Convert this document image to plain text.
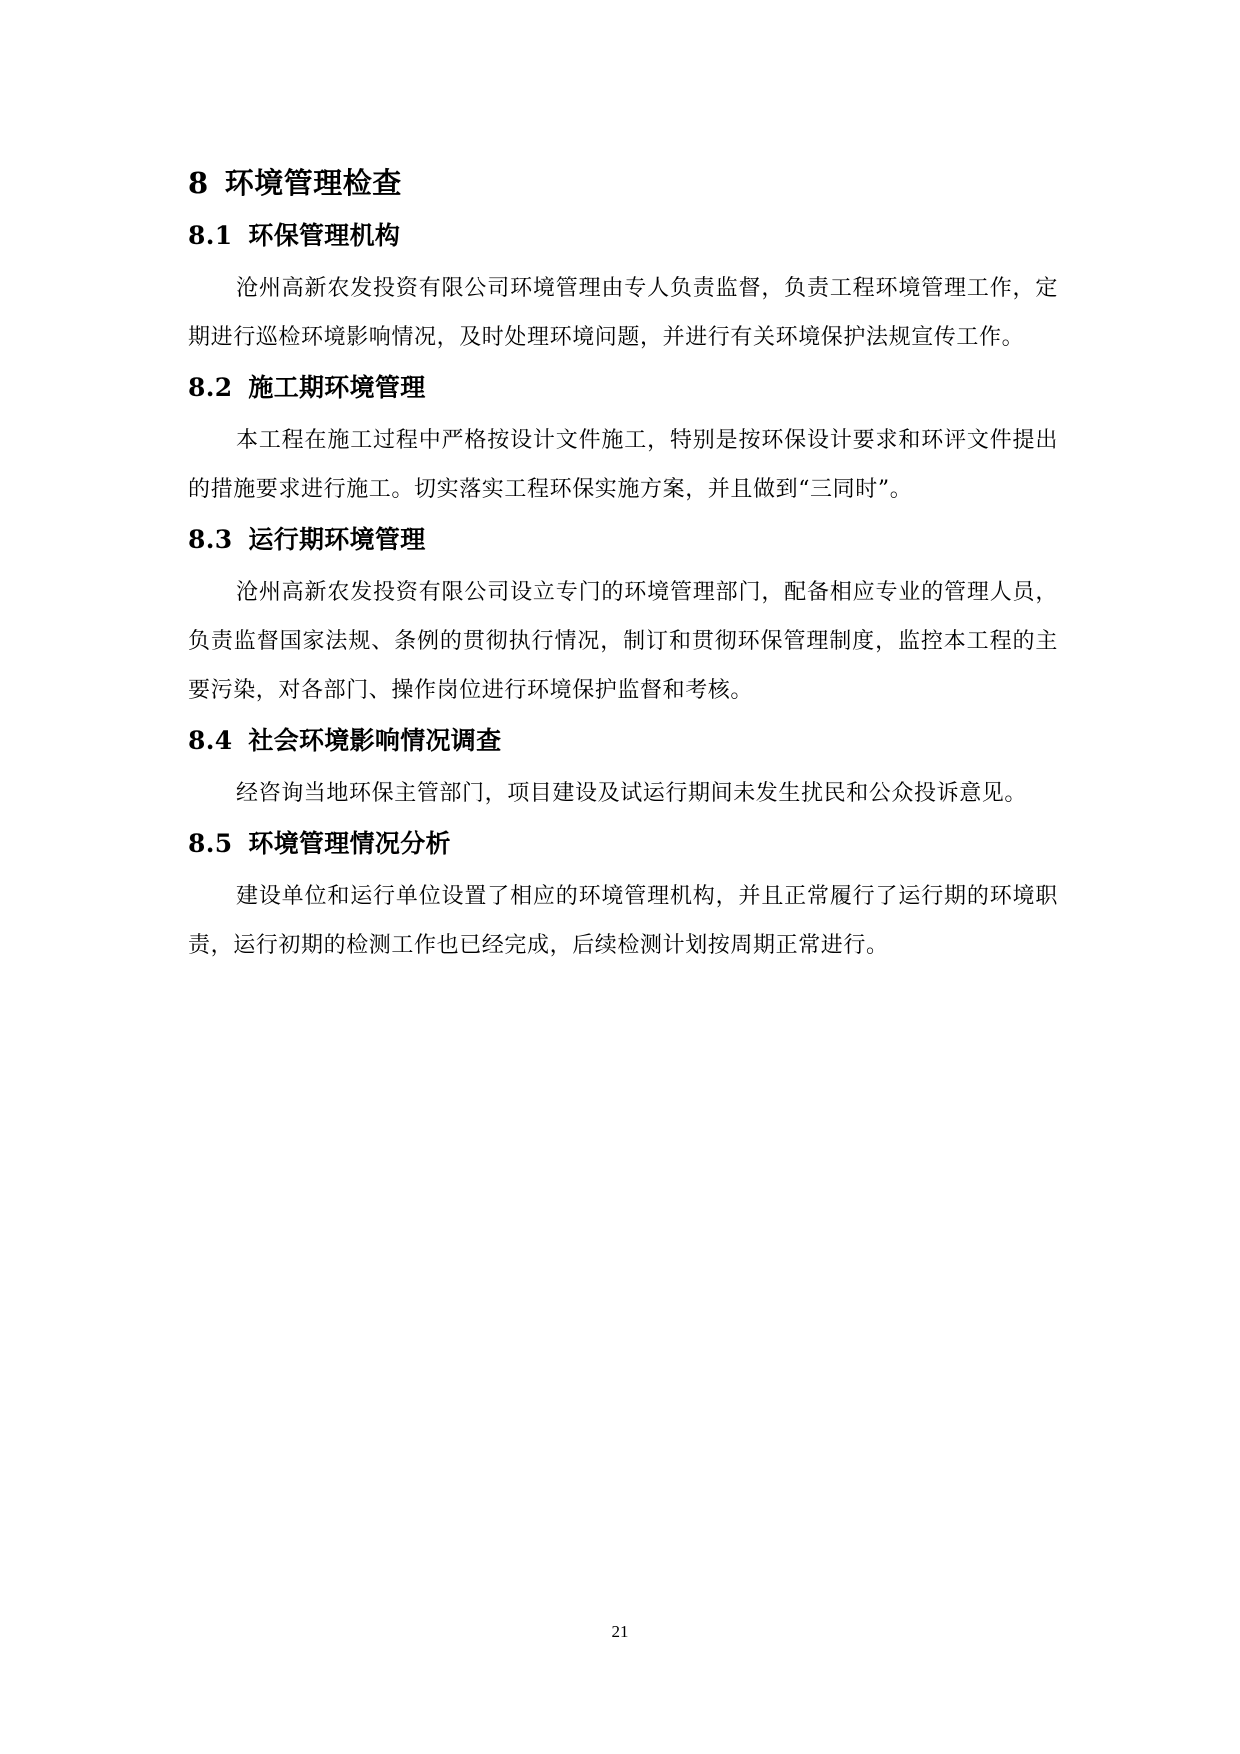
8 环境管理检查
8.1 环保管理机构

沧州高新农发投资有限公司环境管理由专人负责监督，负责工程环境管理工作，定期进行巡检环境影响情况，及时处理环境问题，并进行有关环境保护法规宣传工作。

8.2 施工期环境管理

本工程在施工过程中严格按设计文件施工，特别是按环保设计要求和环评文件提出的措施要求进行施工。切实落实工程环保实施方案，并且做到“三同时”。

8.3 运行期环境管理

沧州高新农发投资有限公司设立专门的环境管理部门，配备相应专业的管理人员，负责监督国家法规、条例的贯彻执行情况，制订和贯彻环保管理制度，监控本工程的主要污染，对各部门、操作岗位进行环境保护监督和考核。

8.4 社会环境影响情况调查

经咨询当地环保主管部门，项目建设及试运行期间未发生扰民和公众投诉意见。

8.5 环境管理情况分析

建设单位和运行单位设置了相应的环境管理机构，并且正常履行了运行期的环境职责，运行初期的检测工作也已经完成，后续检测计划按周期正常进行。

21
